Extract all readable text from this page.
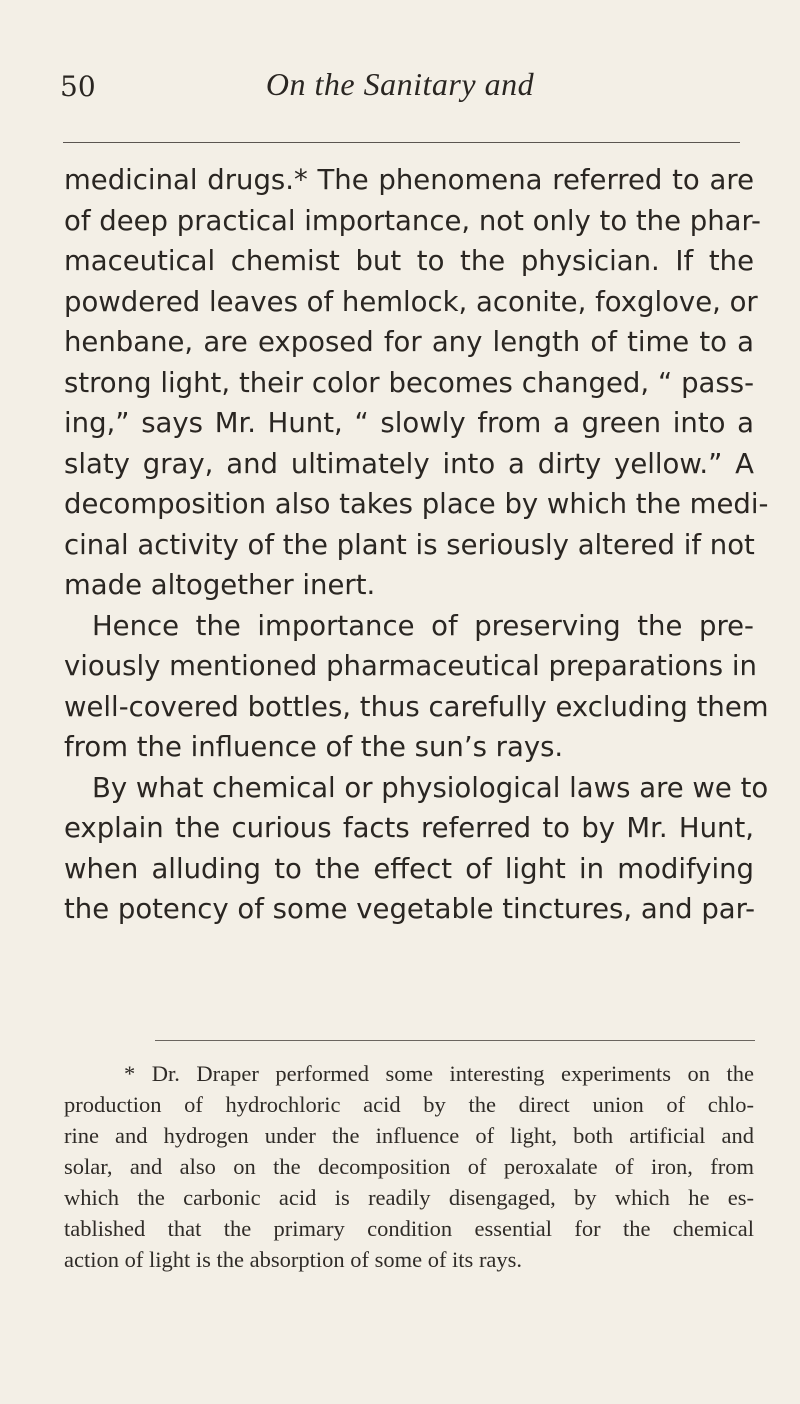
50	On the Sanitary and
medicinal drugs.* The phenomena referred to are
of deep practical importance, not only to the phar-
maceutical chemist but to the physician. If the
powdered leaves of hemlock, aconite, foxglove, or
henbane, are exposed for any length of time to a
strong light, their color becomes changed, “ pass-
ing,” says Mr. Hunt, “ slowly from a green into a
slaty gray, and ultimately into a dirty yellow.” A
decomposition also takes place by which the medi-
cinal activity of the plant is seriously altered if not
made altogether inert.
Hence the importance of preserving the pre-
viously mentioned pharmaceutical preparations in
well-covered bottles, thus carefully excluding them
from the influence of the sun’s rays.
By what chemical or physiological laws are we to
explain the curious facts referred to by Mr. Hunt,
when alluding to the effect of light in modifying
the potency of some vegetable tinctures, and par-
* Dr. Draper performed some interesting experiments on the
production of hydrochloric acid by the direct union of chlo-
rine and hydrogen under the influence of light, both artificial and
solar, and also on the decomposition of peroxalate of iron, from
which the carbonic acid is readily disengaged, by which he es-
tablished that the primary condition essential for the chemical
action of light is the absorption of some of its rays.
